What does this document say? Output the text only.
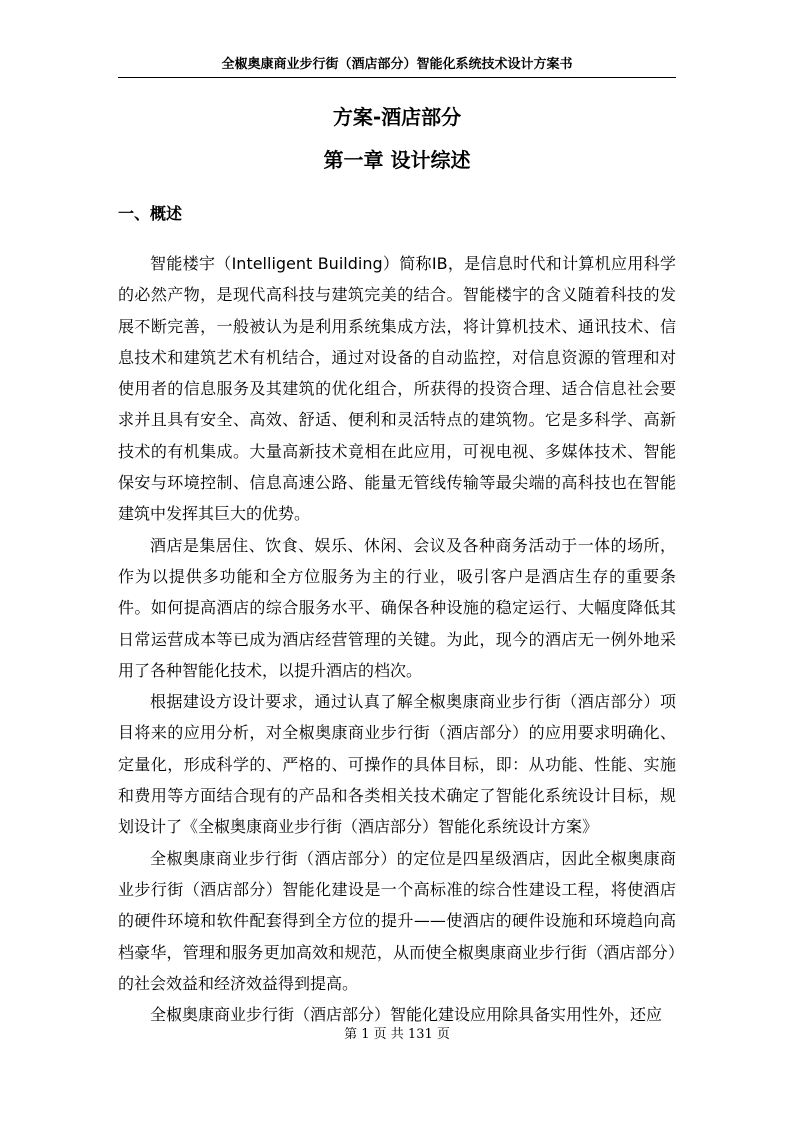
全椒奥康商业步行街（酒店部分）智能化系统技术设计方案书
方案-酒店部分
第一章 设计综述
一、概述

智能楼宇（Intelligent Building）简称IB，是信息时代和计算机应用科学的必然产物，是现代高科技与建筑完美的结合。智能楼宇的含义随着科技的发展不断完善，一般被认为是利用系统集成方法，将计算机技术、通讯技术、信息技术和建筑艺术有机结合，通过对设备的自动监控，对信息资源的管理和对使用者的信息服务及其建筑的优化组合，所获得的投资合理、适合信息社会要求并且具有安全、高效、舒适、便利和灵活特点的建筑物。它是多科学、高新技术的有机集成。大量高新技术竟相在此应用，可视电视、多媒体技术、智能保安与环境控制、信息高速公路、能量无管线传输等最尖端的高科技也在智能建筑中发挥其巨大的优势。

酒店是集居住、饮食、娱乐、休闲、会议及各种商务活动于一体的场所，作为以提供多功能和全方位服务为主的行业，吸引客户是酒店生存的重要条件。如何提高酒店的综合服务水平、确保各种设施的稳定运行、大幅度降低其日常运营成本等已成为酒店经营管理的关键。为此，现今的酒店无一例外地采用了各种智能化技术，以提升酒店的档次。

根据建设方设计要求，通过认真了解全椒奥康商业步行街（酒店部分）项目将来的应用分析，对全椒奥康商业步行街（酒店部分）的应用要求明确化、定量化，形成科学的、严格的、可操作的具体目标，即：从功能、性能、实施和费用等方面结合现有的产品和各类相关技术确定了智能化系统设计目标，规划设计了《全椒奥康商业步行街（酒店部分）智能化系统设计方案》

全椒奥康商业步行街（酒店部分）的定位是四星级酒店，因此全椒奥康商业步行街（酒店部分）智能化建设是一个高标准的综合性建设工程，将使酒店的硬件环境和软件配套得到全方位的提升——使酒店的硬件设施和环境趋向高档豪华，管理和服务更加高效和规范，从而使全椒奥康商业步行街（酒店部分）的社会效益和经济效益得到提高。

全椒奥康商业步行街（酒店部分）智能化建设应用除具备实用性外，还应

第 1 页 共 131 页
